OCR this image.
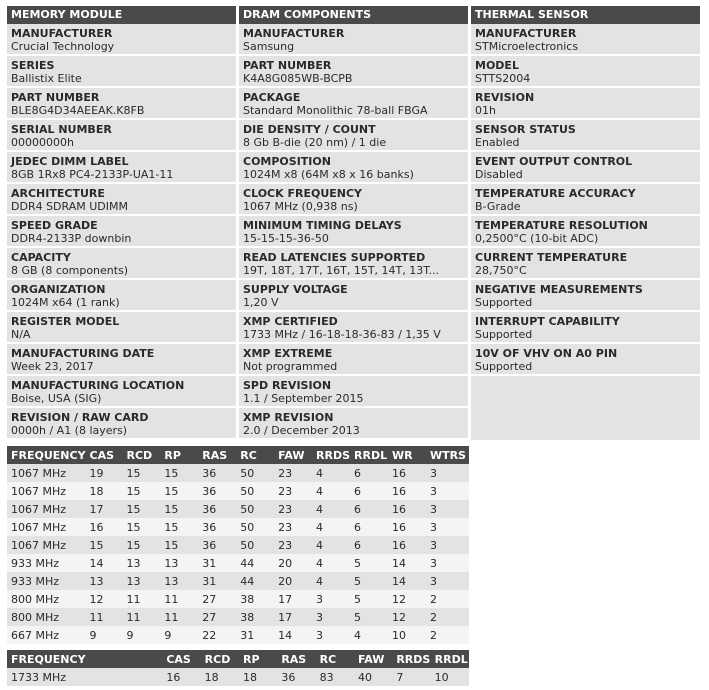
MEMORY MODULE
MANUFACTURER
Crucial Technology
SERIES
Ballistix Elite
PART NUMBER
BLE8G4D34AEEAK.K8FB
SERIAL NUMBER
00000000h
JEDEC DIMM LABEL
8GB 1Rx8 PC4-2133P-UA1-11
ARCHITECTURE
DDR4 SDRAM UDIMM
SPEED GRADE
DDR4-2133P downbin
CAPACITY
8 GB (8 components)
ORGANIZATION
1024M x64 (1 rank)
REGISTER MODEL
N/A
MANUFACTURING DATE
Week 23, 2017
MANUFACTURING LOCATION
Boise, USA (SIG)
REVISION / RAW CARD
0000h / A1 (8 layers)
DRAM COMPONENTS
MANUFACTURER
Samsung
PART NUMBER
K4A8G085WB-BCPB
PACKAGE
Standard Monolithic 78-ball FBGA
DIE DENSITY / COUNT
8 Gb B-die (20 nm) / 1 die
COMPOSITION
1024M x8 (64M x8 x 16 banks)
CLOCK FREQUENCY
1067 MHz (0,938 ns)
MINIMUM TIMING DELAYS
15-15-15-36-50
READ LATENCIES SUPPORTED
19T, 18T, 17T, 16T, 15T, 14T, 13T...
SUPPLY VOLTAGE
1,20 V
XMP CERTIFIED
1733 MHz / 16-18-18-36-83 / 1,35 V
XMP EXTREME
Not programmed
SPD REVISION
1.1 / September 2015
XMP REVISION
2.0 / December 2013
THERMAL SENSOR
MANUFACTURER
STMicroelectronics
MODEL
STTS2004
REVISION
01h
SENSOR STATUS
Enabled
EVENT OUTPUT CONTROL
Disabled
TEMPERATURE ACCURACY
B-Grade
TEMPERATURE RESOLUTION
0,2500°C (10-bit ADC)
CURRENT TEMPERATURE
28,750°C
NEGATIVE MEASUREMENTS
Supported
INTERRUPT CAPABILITY
Supported
10V OF VHV ON A0 PIN
Supported
FREQUENCY	CAS	RCD	RP	RAS	RC	FAW	RRDS	RRDL	WR	WTRS
1067 MHz	19	15	15	36	50	23	4	6	16	3
1067 MHz	18	15	15	36	50	23	4	6	16	3
1067 MHz	17	15	15	36	50	23	4	6	16	3
1067 MHz	16	15	15	36	50	23	4	6	16	3
1067 MHz	15	15	15	36	50	23	4	6	16	3
933 MHz	14	13	13	31	44	20	4	5	14	3
933 MHz	13	13	13	31	44	20	4	5	14	3
800 MHz	12	11	11	27	38	17	3	5	12	2
800 MHz	11	11	11	27	38	17	3	5	12	2
667 MHz	9	9	9	22	31	14	3	4	10	2
FREQUENCY	CAS	RCD	RP	RAS	RC	FAW	RRDS	RRDL
1733 MHz	16	18	18	36	83	40	7	10
